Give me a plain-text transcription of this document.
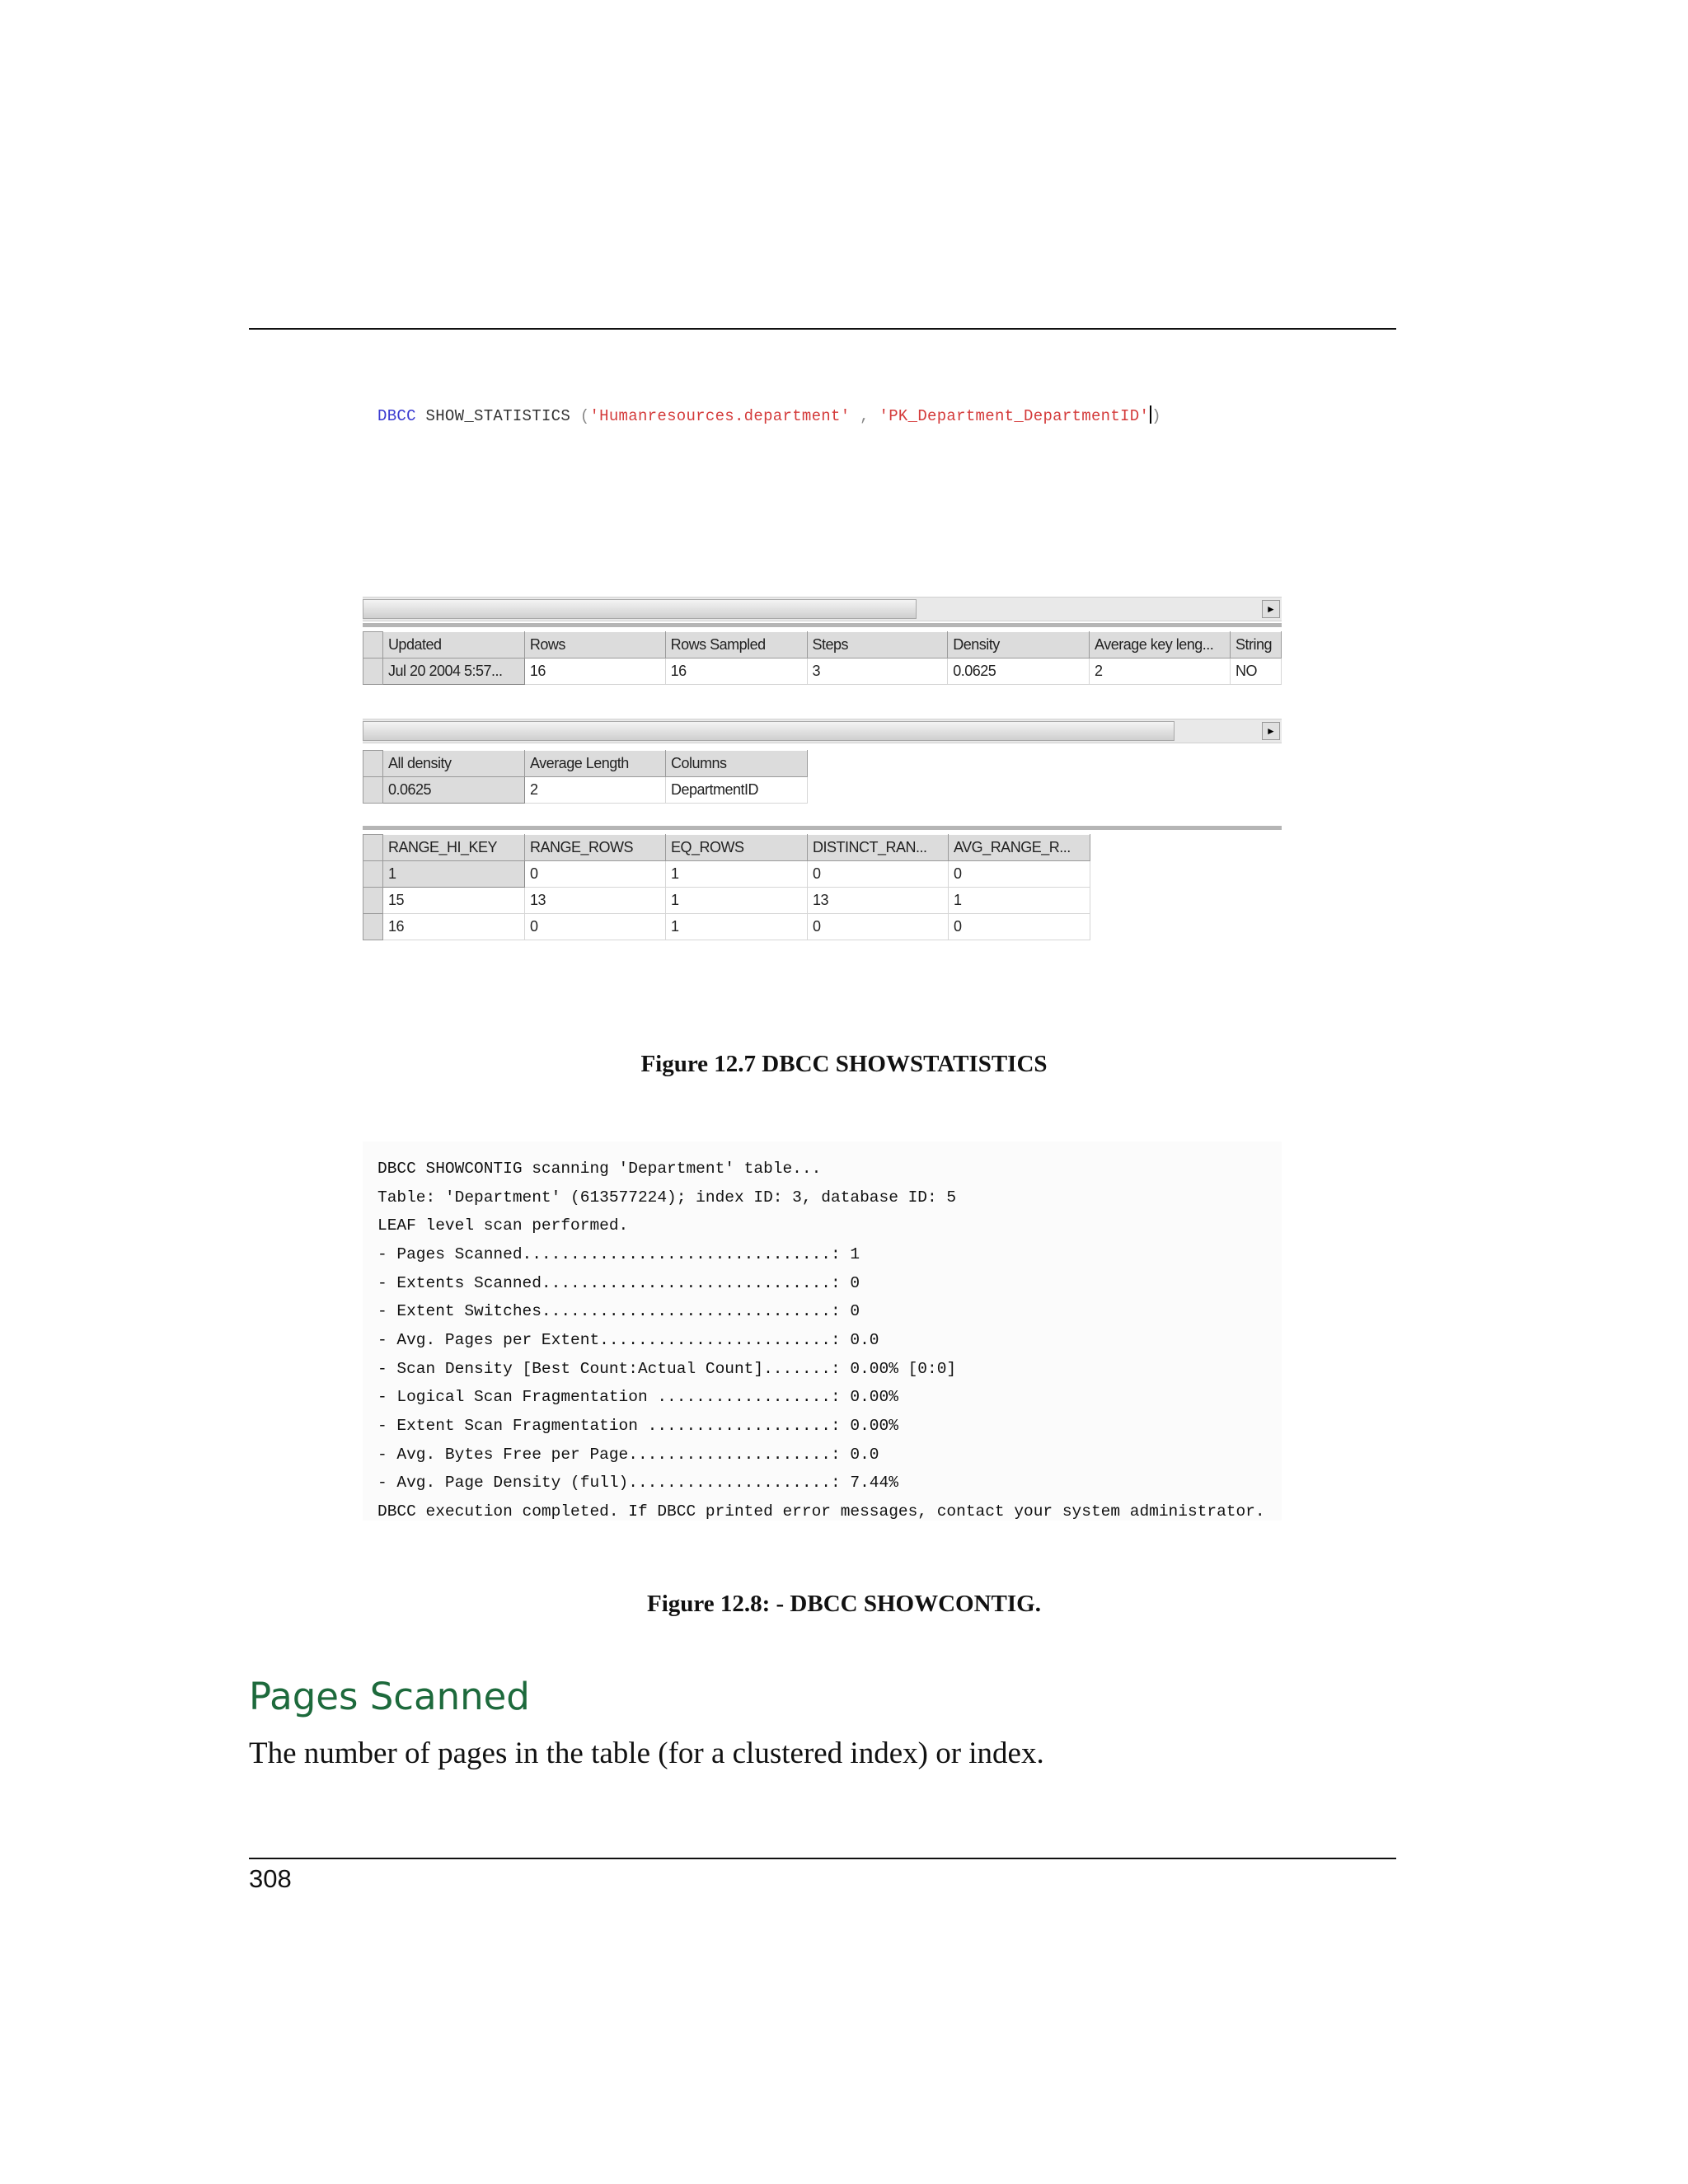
DBCC SHOW_STATISTICS ('Humanresources.department' , 'PK_Department_DepartmentID' )
►
	Updated	Rows	Rows Sampled	Steps	Density	Average key leng...	String
	Jul 20 2004 5:57...	16	16	3	0.0625	2	NO
►
	All density	Average Length	Columns
	0.0625	2	DepartmentID
	RANGE_HI_KEY	RANGE_ROWS	EQ_ROWS	DISTINCT_RAN...	AVG_RANGE_R...
	1	0	1	0	0
	15	13	1	13	1
	16	0	1	0	0
Figure 12.7 DBCC SHOWSTATISTICS
DBCC SHOWCONTIG scanning 'Department' table...
Table: 'Department' (613577224); index ID: 3, database ID: 5
LEAF level scan performed.
- Pages Scanned................................: 1
- Extents Scanned..............................: 0
- Extent Switches..............................: 0
- Avg. Pages per Extent........................: 0.0
- Scan Density [Best Count:Actual Count].......: 0.00% [0:0]
- Logical Scan Fragmentation ..................: 0.00%
- Extent Scan Fragmentation ...................: 0.00%
- Avg. Bytes Free per Page.....................: 0.0
- Avg. Page Density (full).....................: 7.44%
DBCC execution completed. If DBCC printed error messages, contact your system administrator.
Figure 12.8: - DBCC SHOWCONTIG.
Pages Scanned
The number of pages in the table (for a clustered index) or index.
308
